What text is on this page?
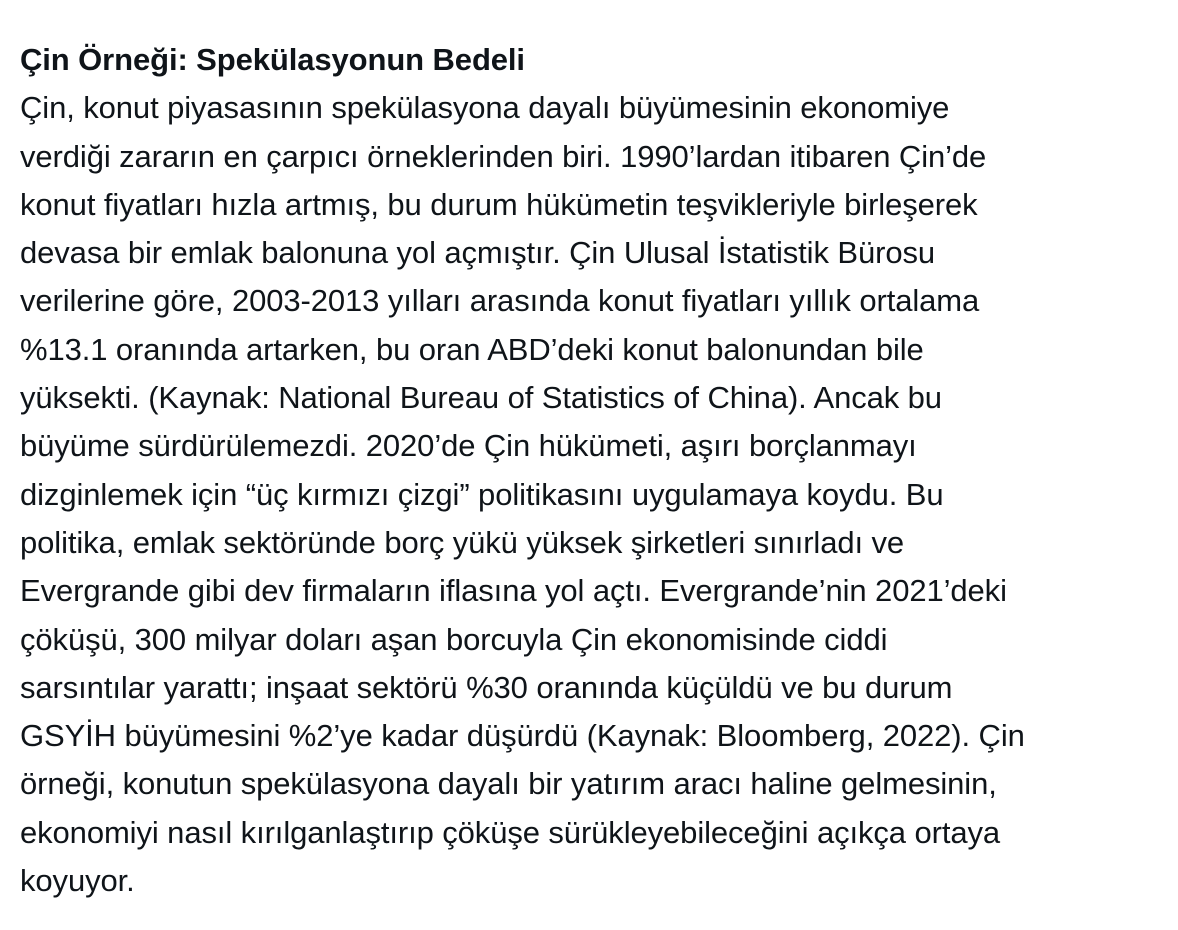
Çin Örneği: Spekülasyonun Bedeli
Çin, konut piyasasının spekülasyona dayalı büyümesinin ekonomiye
verdiği zararın en çarpıcı örneklerinden biri. 1990’lardan itibaren Çin’de
konut fiyatları hızla artmış, bu durum hükümetin teşvikleriyle birleşerek
devasa bir emlak balonuna yol açmıştır. Çin Ulusal İstatistik Bürosu
verilerine göre, 2003-2013 yılları arasında konut fiyatları yıllık ortalama
%13.1 oranında artarken, bu oran ABD’deki konut balonundan bile
yüksekti. (Kaynak: National Bureau of Statistics of China). Ancak bu
büyüme sürdürülemezdi. 2020’de Çin hükümeti, aşırı borçlanmayı
dizginlemek için “üç kırmızı çizgi” politikasını uygulamaya koydu. Bu
politika, emlak sektöründe borç yükü yüksek şirketleri sınırladı ve
Evergrande gibi dev firmaların iflasına yol açtı. Evergrande’nin 2021’deki
çöküşü, 300 milyar doları aşan borcuyla Çin ekonomisinde ciddi
sarsıntılar yarattı; inşaat sektörü %30 oranında küçüldü ve bu durum
GSYİH büyümesini %2’ye kadar düşürdü (Kaynak: Bloomberg, 2022). Çin
örneği, konutun spekülasyona dayalı bir yatırım aracı haline gelmesinin,
ekonomiyi nasıl kırılganlaştırıp çöküşe sürükleyebileceğini açıkça ortaya
koyuyor.
